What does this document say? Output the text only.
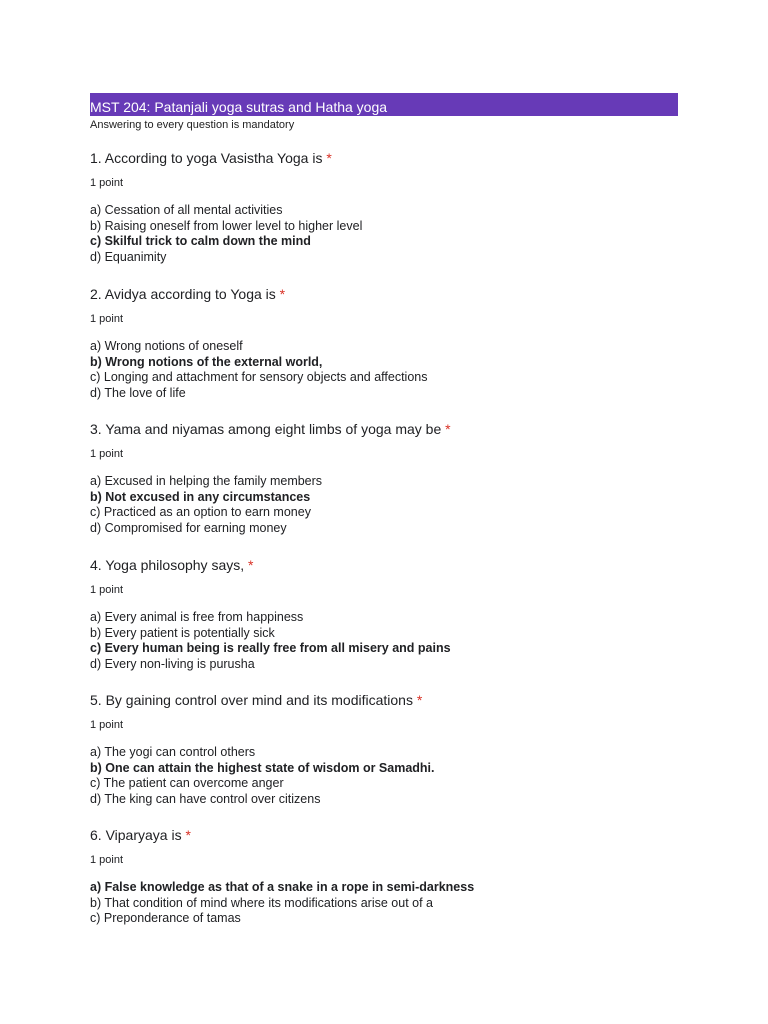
MST 204: Patanjali yoga sutras and Hatha yoga
Answering to every question is mandatory
1. According to yoga Vasistha Yoga is *
1 point
a) Cessation of all mental activities
b) Raising oneself from lower level to higher level
c) Skilful trick to calm down the mind
d) Equanimity
2. Avidya according to Yoga is *
1 point
a) Wrong notions of oneself
b) Wrong notions of the external world,
c) Longing and attachment for sensory objects and affections
d) The love of life
3. Yama and niyamas among eight limbs of yoga may be *
1 point
a) Excused in helping the family members
b) Not excused in any circumstances
c) Practiced as an option to earn money
d) Compromised for earning money
4. Yoga philosophy says, *
1 point
a) Every animal is free from happiness
b) Every patient is potentially sick
c) Every human being is really free from all misery and pains
d) Every non-living is purusha
5. By gaining control over mind and its modifications *
1 point
a) The yogi can control others
b) One can attain the highest state of wisdom or Samadhi.
c) The patient can overcome anger
d) The king can have control over citizens
6. Viparyaya is *
1 point
a) False knowledge as that of a snake in a rope in semi-darkness
b) That condition of mind where its modifications arise out of a
c) Preponderance of tamas
